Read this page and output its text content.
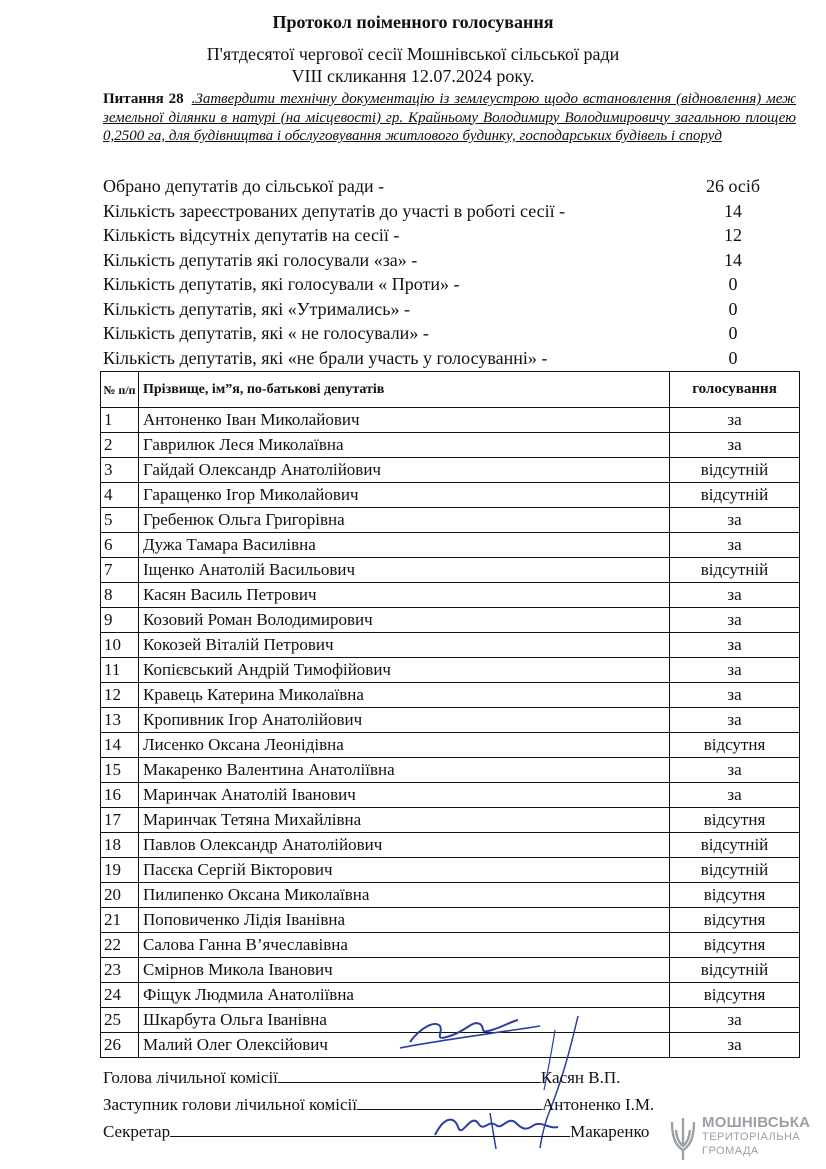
Протокол поіменного голосування
П'ятдесятої чергової сесії Мошнівської сільської ради
VIII скликання 12.07.2024 року.
Питання 28 .Затвердити технічну документацію із землеустрою щодо встановлення (відновлення) меж земельної ділянки в натурі (на місцевості) гр. Крайньому Володимиру Володимировичу загальною площею 0,2500 га, для будівництва і обслуговування житлового будинку, господарських будівель і споруд
Обрано депутатів до сільської ради -	26 осіб
Кількість зареєстрованих депутатів до участі в роботі сесії -	14
Кількість відсутніх депутатів на сесії -	12
Кількість депутатів які голосували «за» -	14
Кількість депутатів, які голосували « Проти» -	0
Кількість депутатів, які «Утримались» -	0
Кількість депутатів, які « не голосували» -	0
Кількість депутатів, які «не брали участь у голосуванні» -	0
№ п/п	Прізвище, ім”я, по-батькові депутатів	голосування
1	Антоненко Іван Миколайович	за
2	Гаврилюк Леся Миколаївна	за
3	Гайдай Олександр Анатолійович	відсутній
4	Гаращенко Ігор Миколайович	відсутній
5	Гребенюк Ольга Григорівна	за
6	Дужа Тамара Василівна	за
7	Іщенко Анатолій Васильович	відсутній
8	Касян Василь Петрович	за
9	Козовий Роман Володимирович	за
10	Кокозей Віталій Петрович	за
11	Копієвський Андрій Тимофійович	за
12	Кравець Катерина Миколаївна	за
13	Кропивник Ігор Анатолійович	за
14	Лисенко Оксана Леонідівна	відсутня
15	Макаренко Валентина Анатоліївна	за
16	Маринчак Анатолій Іванович	за
17	Маринчак Тетяна Михайлівна	відсутня
18	Павлов Олександр Анатолійович	відсутній
19	Пасєка Сергій Вікторович	відсутній
20	Пилипенко Оксана Миколаївна	відсутня
21	Поповиченко Лідія Іванівна	відсутня
22	Салова Ганна В’ячеславівна	відсутня
23	Смірнов Микола Іванович	відсутній
24	Фіщук Людмила Анатоліївна	відсутня
25	Шкарбута Ольга Іванівна	за
26	Малий Олег Олексійович	за
Голова лічильної комісії	Касян В.П.
Заступник голови лічильної комісії	Антоненко І.М.
Секретар	Макаренко	МОШНІВСЬКА
ТЕРИТОРІАЛЬНА
ГРОМАДА
